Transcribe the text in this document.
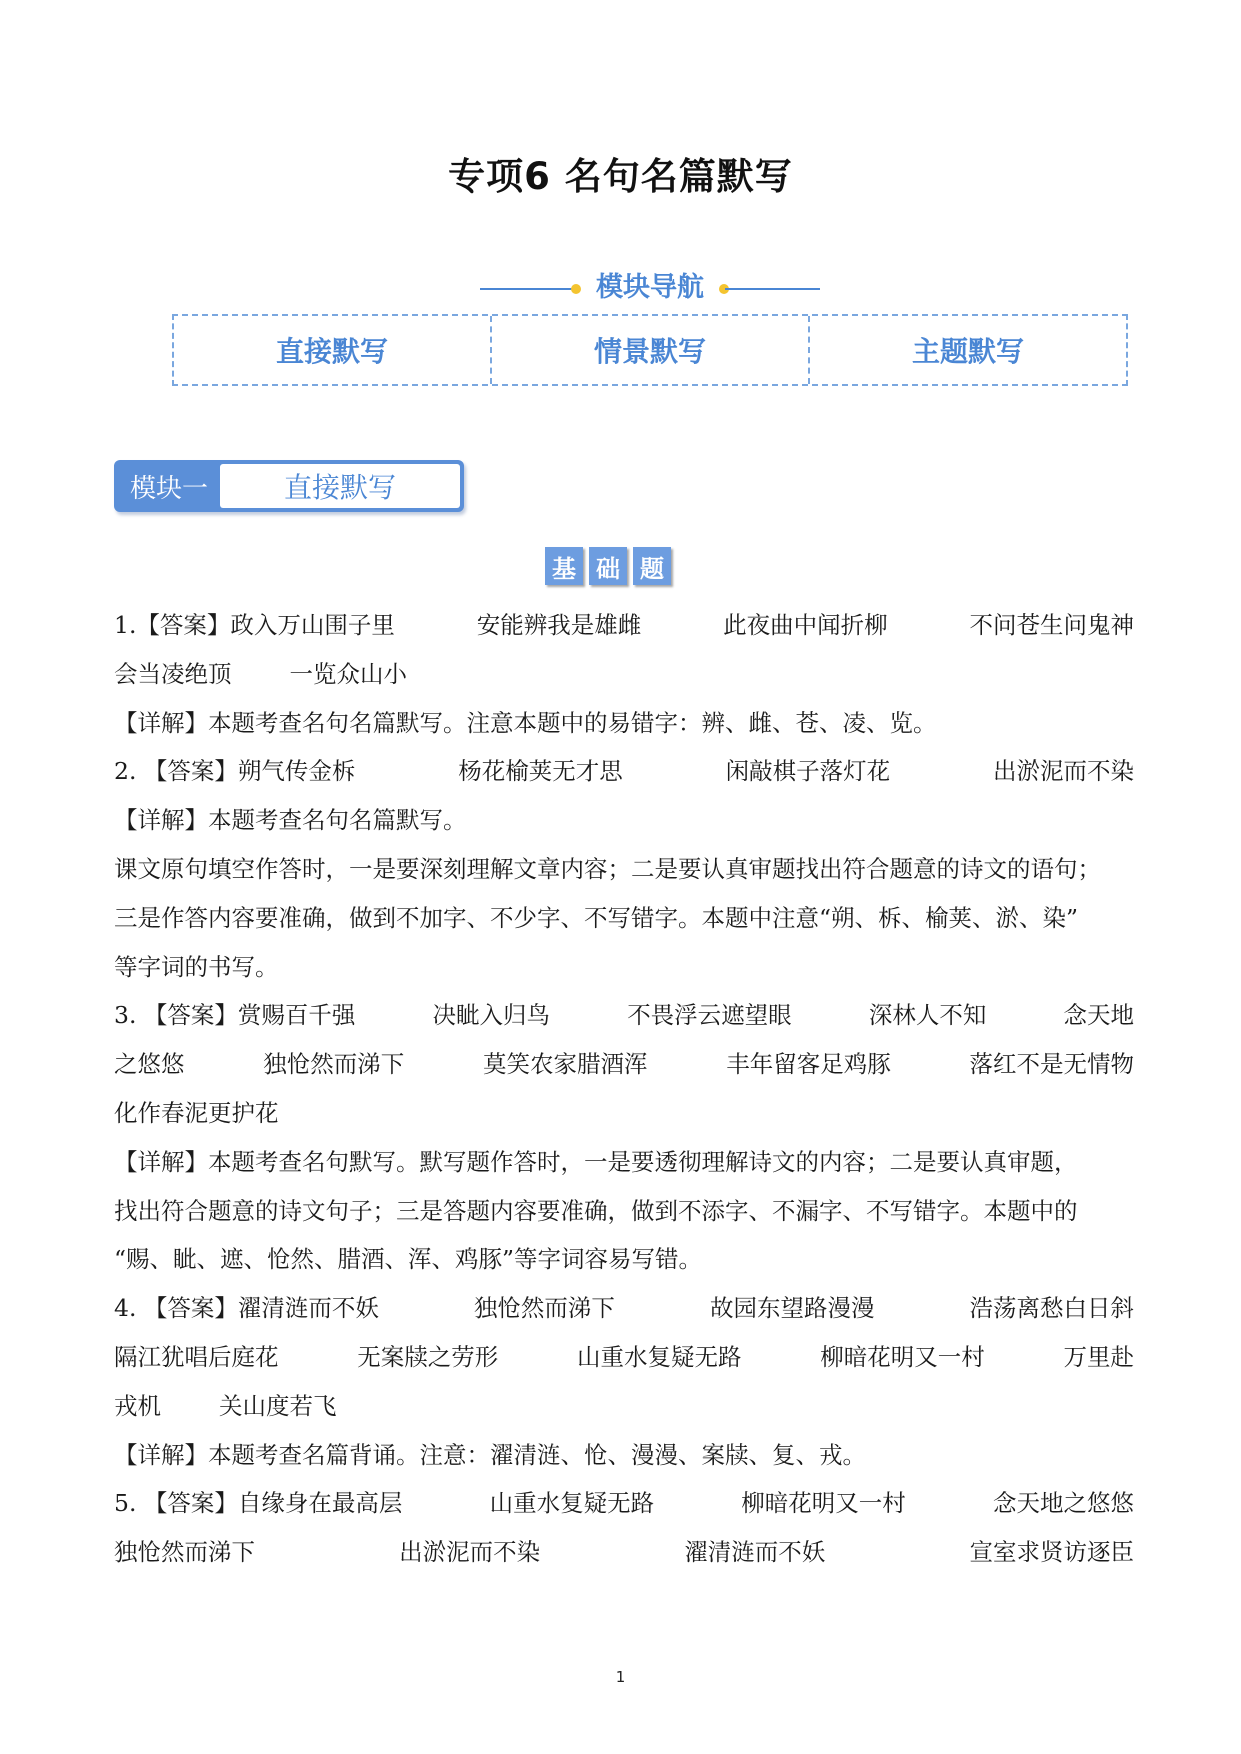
专项6 名句名篇默写
模块导航
直接默写	情景默写	主题默写
模块一	直接默写
基 础 题
1.【答案】政入万山围子里	安能辨我是雄雌	此夜曲中闻折柳	不问苍生问鬼神
会当凌绝顶 一览众山小
【详解】本题考查名句名篇默写。注意本题中的易错字：辨、雌、苍、凌、览。
2. 【答案】朔气传金柝	杨花榆荚无才思	闲敲棋子落灯花	出淤泥而不染
【详解】本题考查名句名篇默写。
课文原句填空作答时，一是要深刻理解文章内容；二是要认真审题找出符合题意的诗文的语句；
三是作答内容要准确，做到不加字、不少字、不写错字。本题中注意“朔、柝、榆荚、淤、染”
等字词的书写。
3. 【答案】赏赐百千强	决眦入归鸟	不畏浮云遮望眼	深林人不知	念天地
之悠悠	独怆然而涕下	莫笑农家腊酒浑	丰年留客足鸡豚	落红不是无情物
化作春泥更护花
【详解】本题考查名句默写。默写题作答时，一是要透彻理解诗文的内容；二是要认真审题，
找出符合题意的诗文句子；三是答题内容要准确，做到不添字、不漏字、不写错字。本题中的
“赐、眦、遮、怆然、腊酒、浑、鸡豚”等字词容易写错。
4. 【答案】濯清涟而不妖	独怆然而涕下	故园东望路漫漫	浩荡离愁白日斜
隔江犹唱后庭花	无案牍之劳形	山重水复疑无路	柳暗花明又一村	万里赴
戎机 关山度若飞
【详解】本题考查名篇背诵。注意：濯清涟、怆、漫漫、案牍、复、戎。
5. 【答案】自缘身在最高层	山重水复疑无路	柳暗花明又一村	念天地之悠悠
独怆然而涕下	出淤泥而不染	濯清涟而不妖	宣室求贤访逐臣
1
